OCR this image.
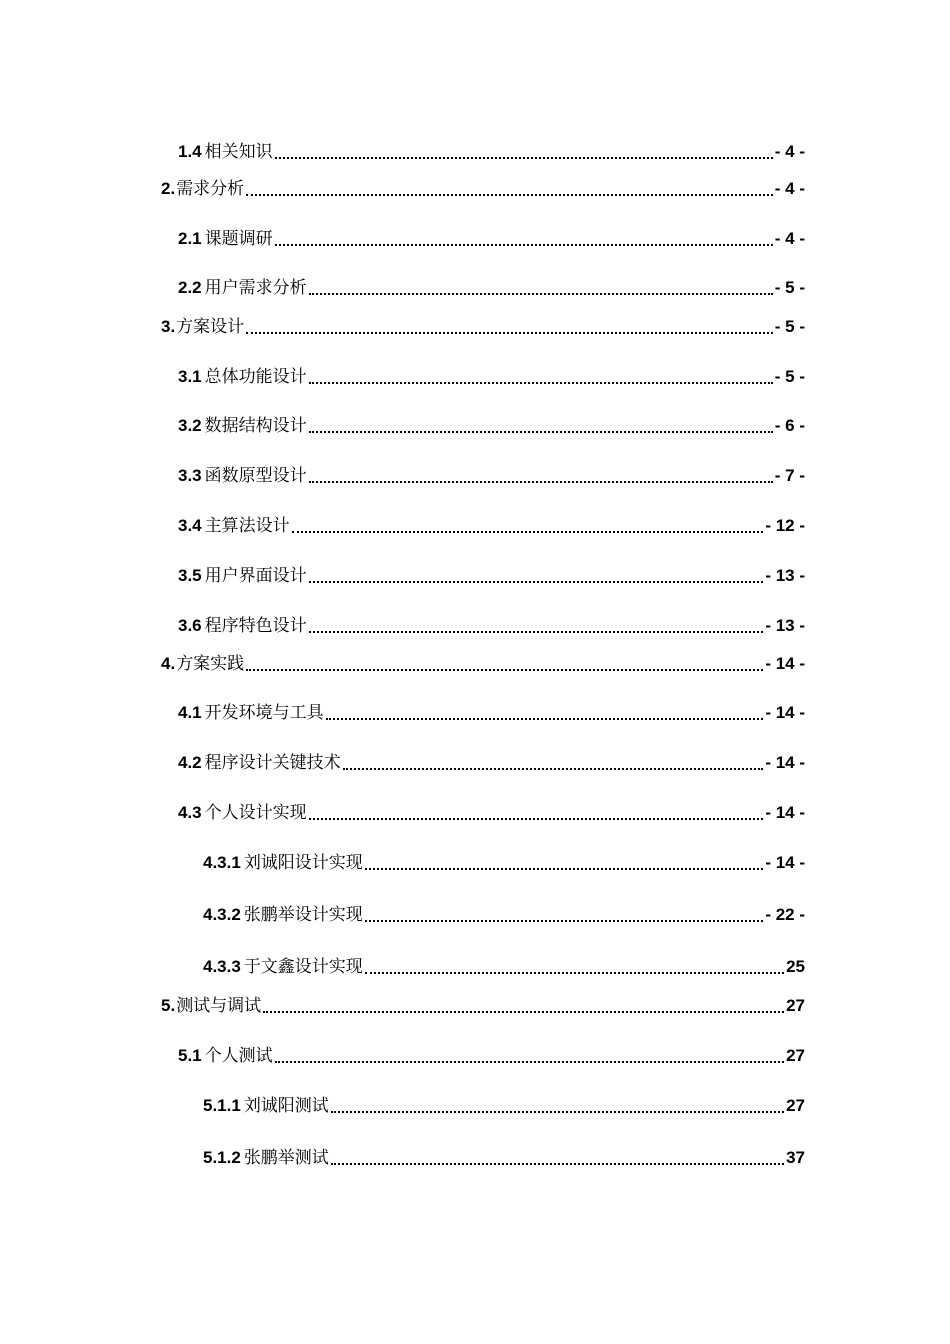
1.4 相关知识	- 4 -
2. 需求分析	- 4 -
2.1 课题调研	- 4 -
2.2 用户需求分析	- 5 -
3. 方案设计	- 5 -
3.1 总体功能设计	- 5 -
3.2 数据结构设计	- 6 -
3.3 函数原型设计	- 7 -
3.4 主算法设计	- 12 -
3.5 用户界面设计	- 13 -
3.6 程序特色设计	- 13 -
4. 方案实践	- 14 -
4.1 开发环境与工具	- 14 -
4.2 程序设计关键技术	- 14 -
4.3 个人设计实现	- 14 -
4.3.1 刘诚阳设计实现	- 14 -
4.3.2 张鹏举设计实现	- 22 -
4.3.3 于文鑫设计实现	25
5. 测试与调试	27
5.1 个人测试	27
5.1.1 刘诚阳测试	27
5.1.2 张鹏举测试	37
